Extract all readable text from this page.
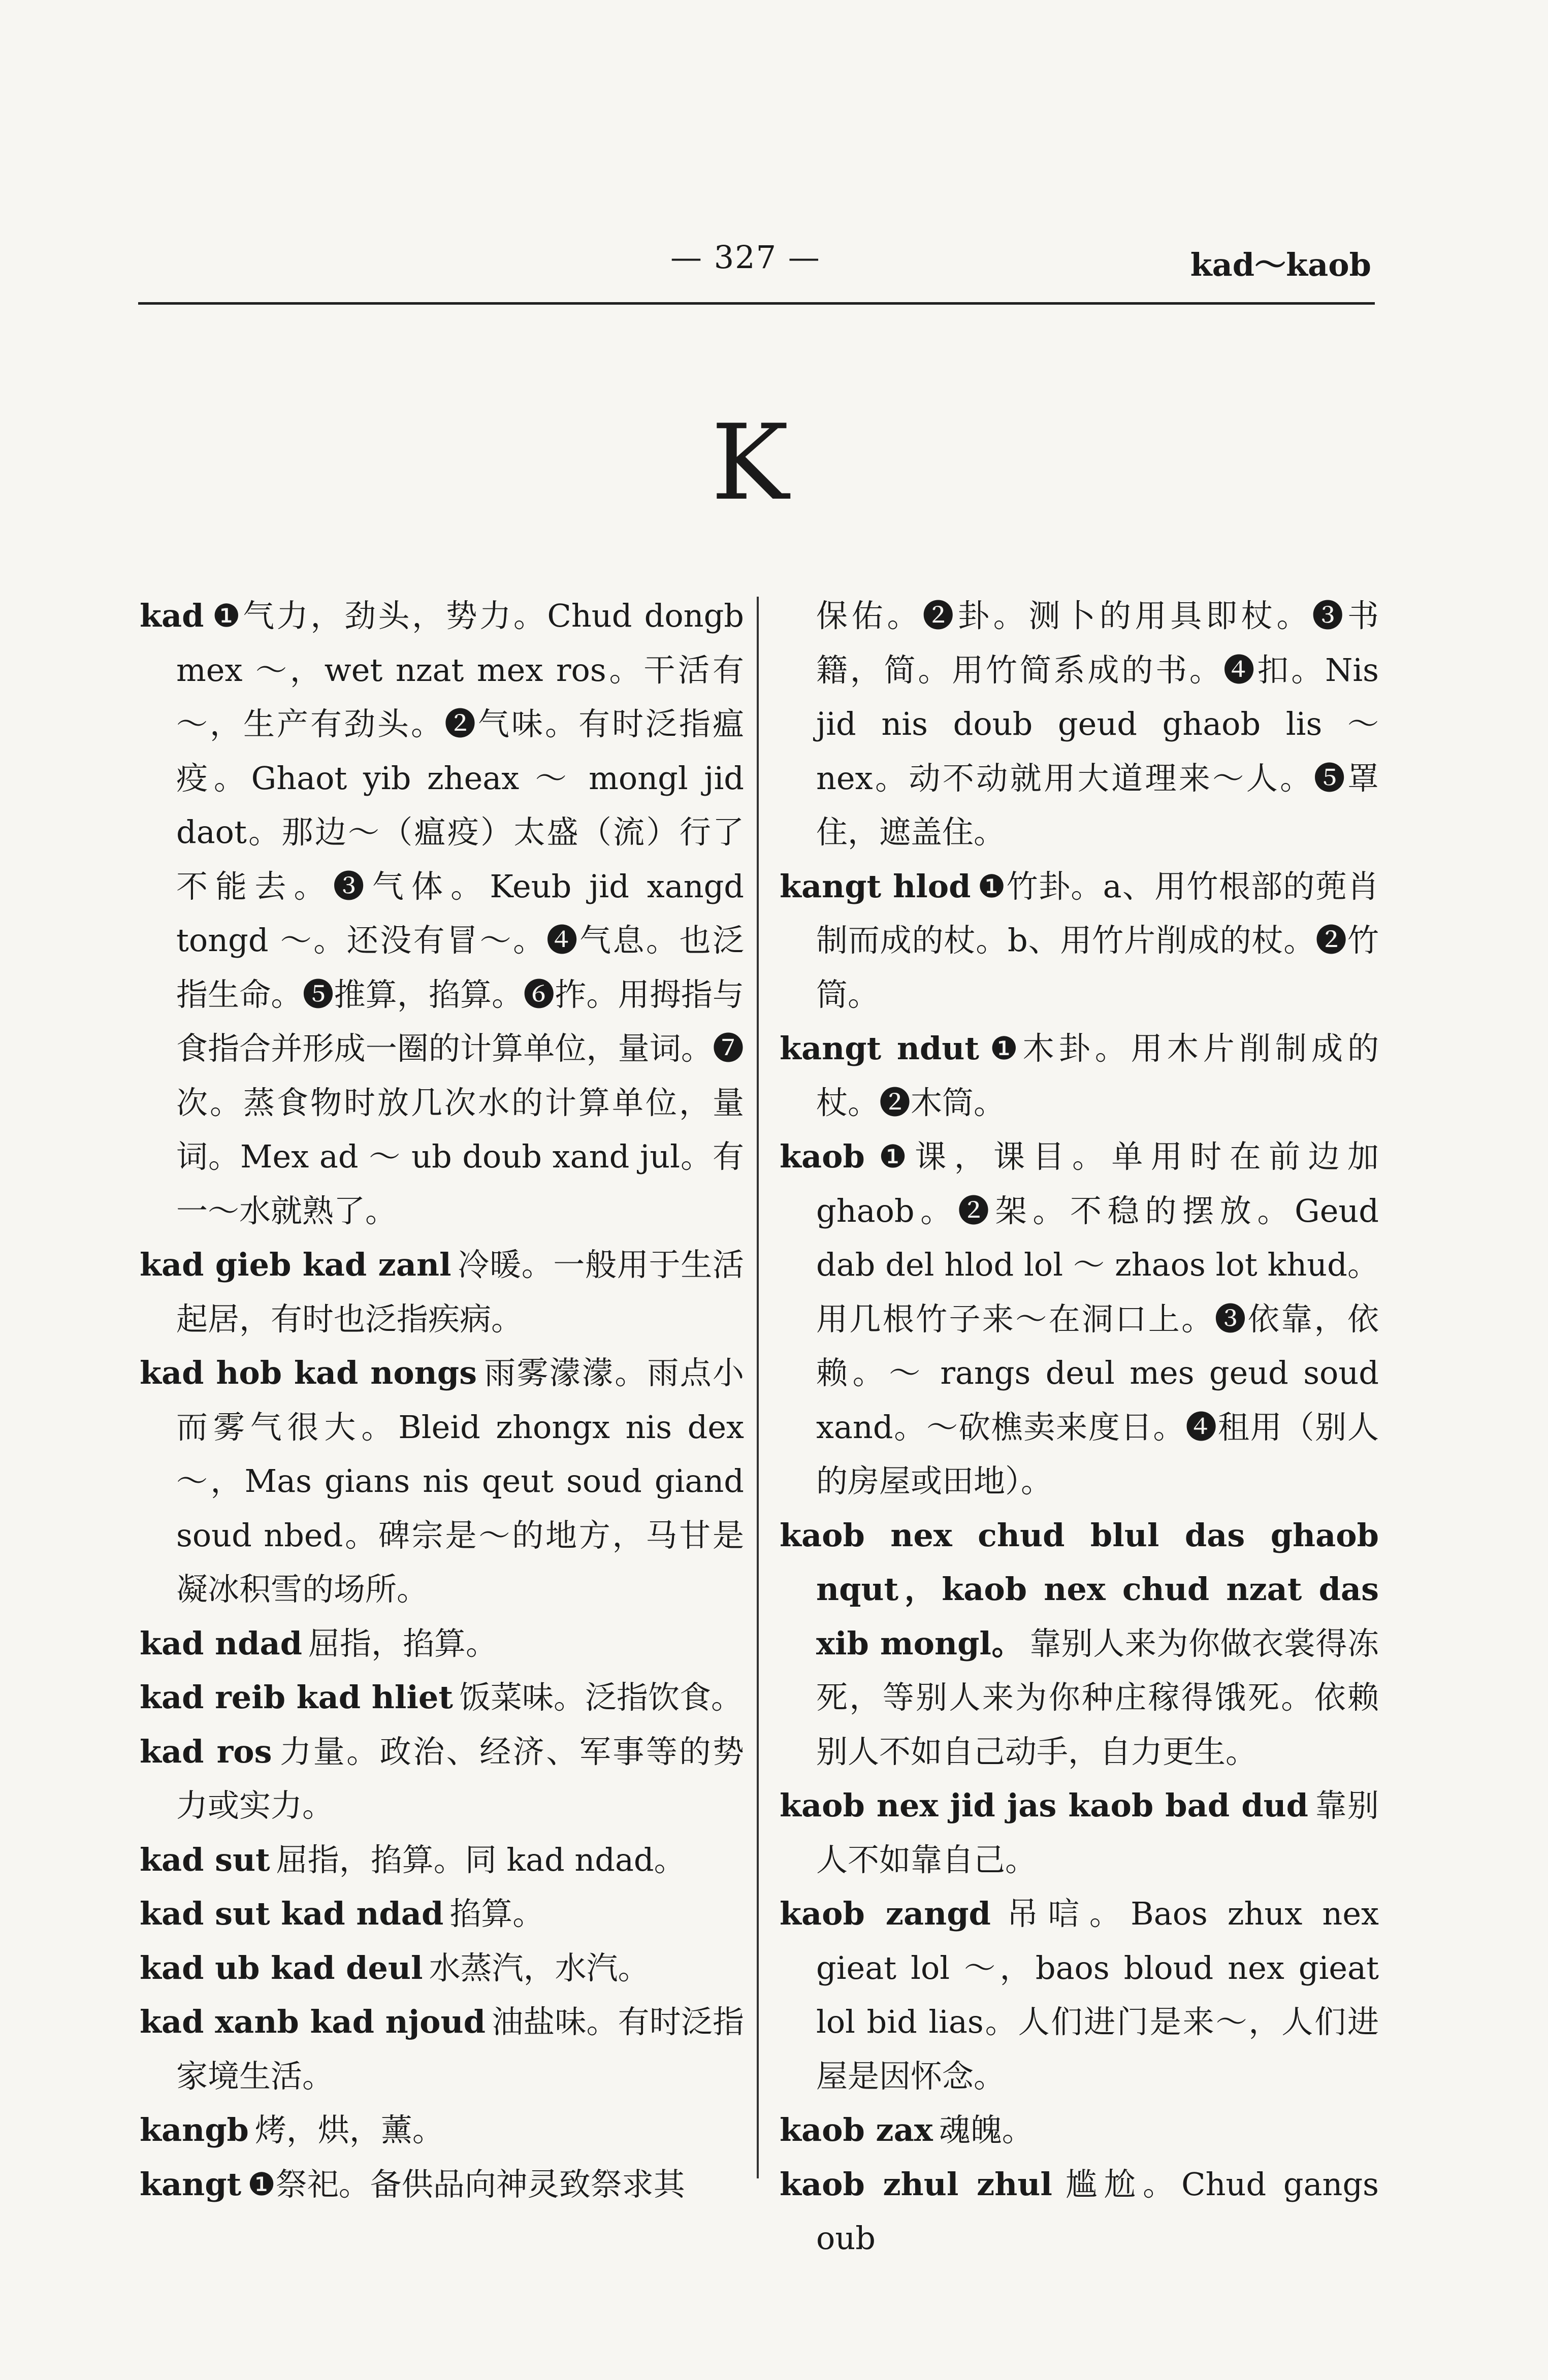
— 327 —	kad～kaob
K
kad ❶气力，劲头，势力。Chud dongb mex ～，wet nzat mex ros。干活有～，生产有劲头。❷气味。有时泛指瘟疫。Ghaot yib zheax ～ mongl jid daot。那边～（瘟疫）太盛（流）行了不能去。❸气体。Keub jid xangd tongd ～。还没有冒～。❹气息。也泛指生命。❺推算，掐算。❻拃。用拇指与食指合并形成一圈的计算单位，量词。❼次。蒸食物时放几次水的计算单位，量词。Mex ad ～ ub doub xand jul。有一～水就熟了。
kad gieb kad zanl 冷暖。一般用于生活起居，有时也泛指疾病。
kad hob kad nongs 雨雾濛濛。雨点小而雾气很大。Bleid zhongx nis dex ～，Mas gians nis qeut soud giand soud nbed。碑宗是～的地方，马甘是凝冰积雪的场所。
kad ndad 屈指，掐算。
kad reib kad hliet 饭菜味。泛指饮食。
kad ros 力量。政治、经济、军事等的势力或实力。
kad sut 屈指，掐算。同 kad ndad。
kad sut kad ndad 掐算。
kad ub kad deul 水蒸汽，水汽。
kad xanb kad njoud 油盐味。有时泛指家境生活。
kangb 烤，烘，薰。
kangt ❶祭祀。备供品向神灵致祭求其
保佑。❷卦。测卜的用具即杖。❸书籍，简。用竹简系成的书。❹扣。Nis jid nis doub geud ghaob lis ～ nex。动不动就用大道理来～人。❺罩住，遮盖住。
kangt hlod ❶竹卦。a、用竹根部的蔸肖制而成的杖。b、用竹片削成的杖。❷竹筒。
kangt ndut ❶木卦。用木片削制成的杖。❷木筒。
kaob ❶课，课目。单用时在前边加 ghaob。❷架。不稳的摆放。Geud dab del hlod lol ～ zhaos lot khud。用几根竹子来～在洞口上。❸依靠，依赖。～ rangs deul mes geud soud xand。～砍樵卖来度日。❹租用（别人的房屋或田地）。
kaob nex chud blul das ghaob nqut，kaob nex chud nzat das xib mongl。 靠别人来为你做衣裳得冻死，等别人来为你种庄稼得饿死。依赖别人不如自己动手，自力更生。
kaob nex jid jas kaob bad dud 靠别人不如靠自己。
kaob zangd 吊唁。Baos zhux nex gieat lol ～，baos bloud nex gieat lol bid lias。人们进门是来～，人们进屋是因怀念。
kaob zax 魂魄。
kaob zhul zhul 尴尬。Chud gangs oub
